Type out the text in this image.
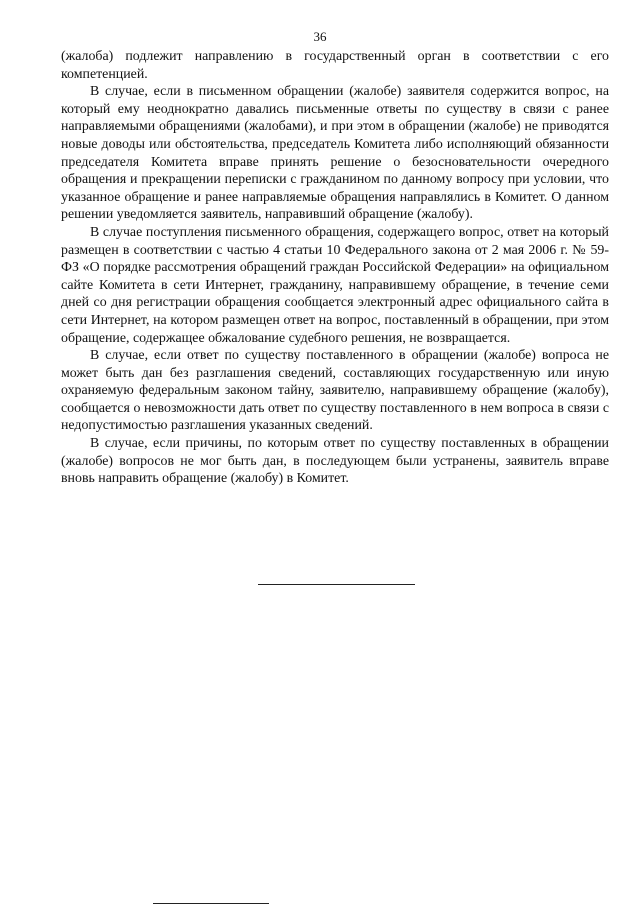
36

(жалоба) подлежит направлению в государственный орган в соответствии с его компетенцией.

В случае, если в письменном обращении (жалобе) заявителя содержится вопрос, на который ему неоднократно давались письменные ответы по существу в связи с ранее направляемыми обращениями (жалобами), и при этом в обращении (жалобе) не приводятся новые доводы или обстоятельства, председатель Комитета либо исполняющий обязанности председателя Комитета вправе принять решение о безосновательности очередного обращения и прекращении переписки с гражданином по данному вопросу при условии, что указанное обращение и ранее направляемые обращения направлялись в Комитет. О данном решении уведомляется заявитель, направивший обращение (жалобу).

В случае поступления письменного обращения, содержащего вопрос, ответ на который размещен в соответствии с частью 4 статьи 10 Федерального закона от 2 мая 2006 г. № 59-ФЗ «О порядке рассмотрения обращений граждан Российской Федерации» на официальном сайте Комитета в сети Интернет, гражданину, направившему обращение, в течение семи дней со дня регистрации обращения сообщается электронный адрес официального сайта в сети Интернет, на котором размещен ответ на вопрос, поставленный в обращении, при этом обращение, содержащее обжалование судебного решения, не возвращается.

В случае, если ответ по существу поставленного в обращении (жалобе) вопроса не может быть дан без разглашения сведений, составляющих государственную или иную охраняемую федеральным законом тайну, заявителю, направившему обращение (жалобу), сообщается о невозможности дать ответ по существу поставленного в нем вопроса в связи с недопустимостью разглашения указанных сведений.

В случае, если причины, по которым ответ по существу поставленных в обращении (жалобе) вопросов не мог быть дан, в последующем были устранены, заявитель вправе вновь направить обращение (жалобу) в Комитет.
